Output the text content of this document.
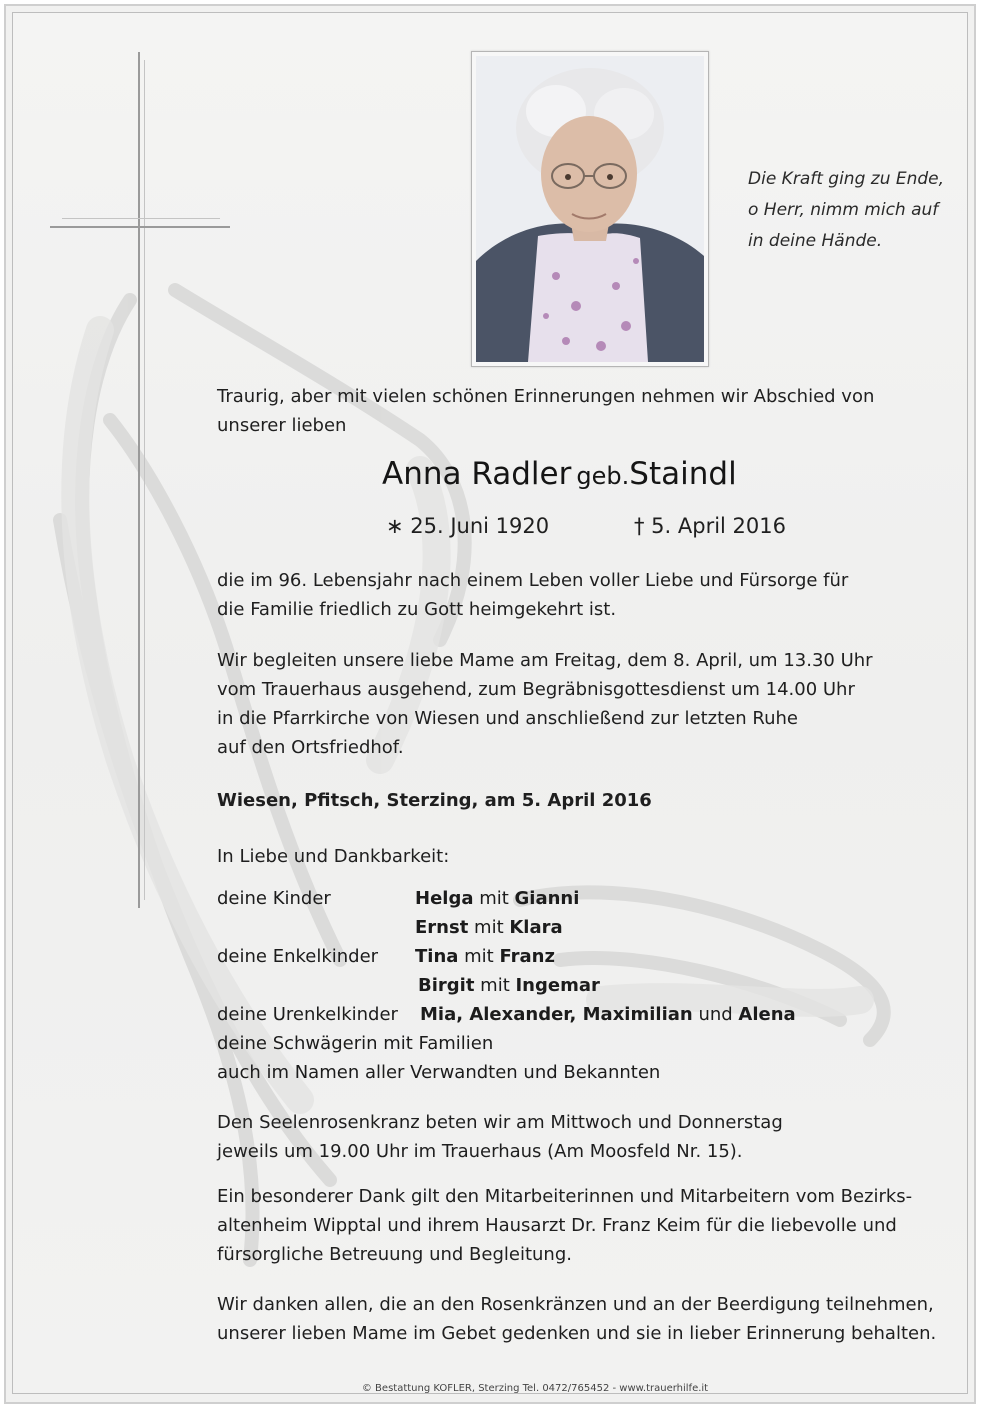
Die Kraft ging zu Ende,
o Herr, nimm mich auf
in deine Hände.
Traurig, aber mit vielen schönen Erinnerungen nehmen wir Abschied von
unserer lieben
Anna Radler geb.Staindl
∗ 25. Juni 1920	† 5. April 2016
die im 96. Lebensjahr nach einem Leben voller Liebe und Fürsorge für
die Familie friedlich zu Gott heimgekehrt ist.
Wir begleiten unsere liebe Mame am Freitag, dem 8. April, um 13.30 Uhr
vom Trauerhaus ausgehend, zum Begräbnisgottesdienst um 14.00 Uhr
in die Pfarrkirche von Wiesen und anschließend zur letzten Ruhe
auf den Ortsfriedhof.
Wiesen, Pfitsch, Sterzing, am 5. April 2016
In Liebe und Dankbarkeit:
deine Kinder	Helga mit Gianni
Ernst mit Klara
deine Enkelkinder Tina mit Franz
Birgit mit Ingemar
deine Urenkelkinder Mia, Alexander, Maximilian und Alena
deine Schwägerin mit Familien
auch im Namen aller Verwandten und Bekannten
Den Seelenrosenkranz beten wir am Mittwoch und Donnerstag
jeweils um 19.00 Uhr im Trauerhaus (Am Moosfeld Nr. 15).
Ein besonderer Dank gilt den Mitarbeiterinnen und Mitarbeitern vom Bezirks-
altenheim Wipptal und ihrem Hausarzt Dr. Franz Keim für die liebevolle und
fürsorgliche Betreuung und Begleitung.
Wir danken allen, die an den Rosenkränzen und an der Beerdigung teilnehmen,
unserer lieben Mame im Gebet gedenken und sie in lieber Erinnerung behalten.
© Bestattung KOFLER, Sterzing Tel. 0472/765452 - www.trauerhilfe.it
